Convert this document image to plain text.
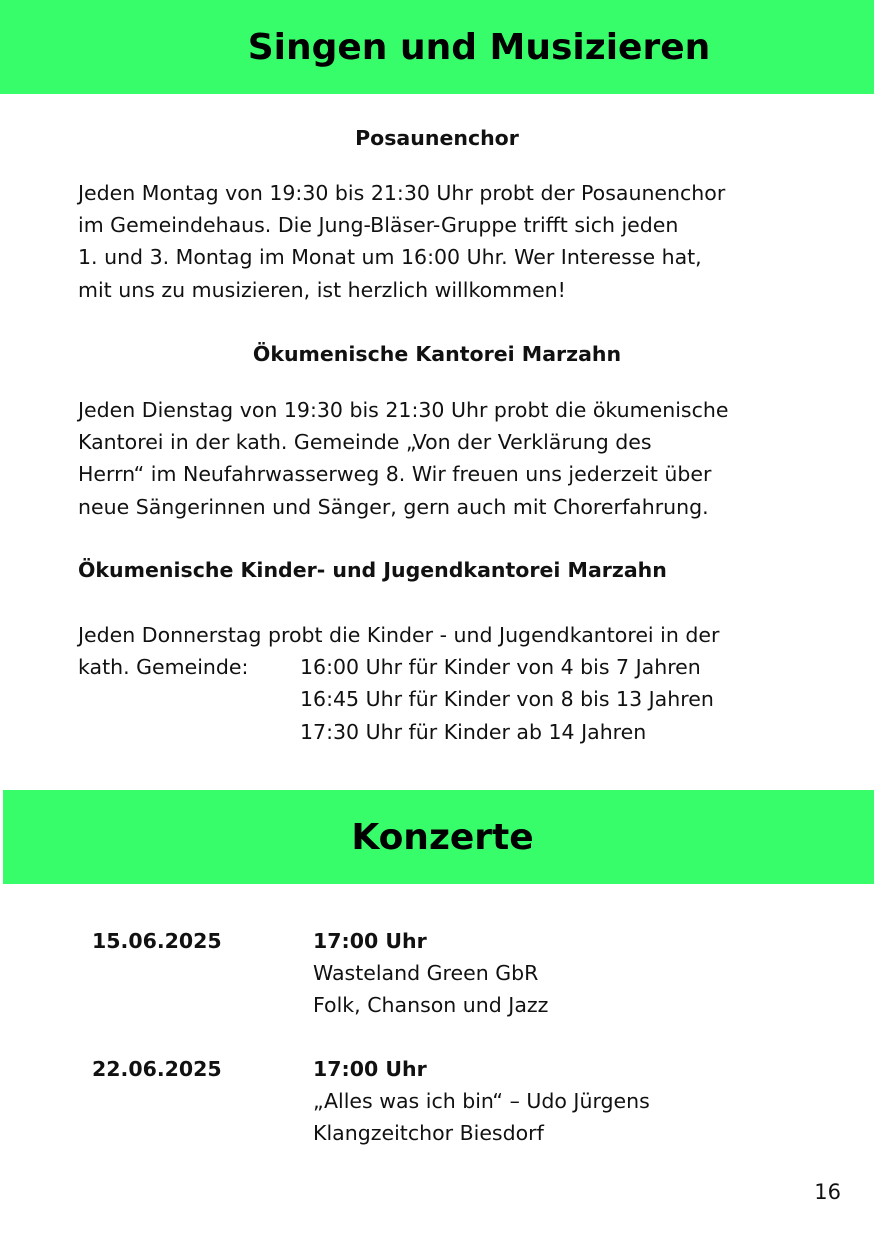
Singen und Musizieren
Posaunenchor

Jeden Montag von 19:30 bis 21:30 Uhr probt der Posaunenchor
im Gemeindehaus. Die Jung-Bläser-Gruppe trifft sich jeden
1. und 3. Montag im Monat um 16:00 Uhr. Wer Interesse hat,
mit uns zu musizieren, ist herzlich willkommen!

Ökumenische Kantorei Marzahn

Jeden Dienstag von 19:30 bis 21:30 Uhr probt die ökumenische
Kantorei in der kath. Gemeinde „Von der Verklärung des
Herrn“ im Neufahrwasserweg 8. Wir freuen uns jederzeit über
neue Sängerinnen und Sänger, gern auch mit Chorerfahrung.

Ökumenische Kinder- und Jugendkantorei Marzahn
Jeden Donnerstag probt die Kinder - und Jugendkantorei in der
kath. Gemeinde:	16:00 Uhr für Kinder von 4 bis 7 Jahren
16:45 Uhr für Kinder von 8 bis 13 Jahren
17:30 Uhr für Kinder ab 14 Jahren
Konzerte
15.06.2025	17:00 Uhr
Wasteland Green GbR
Folk, Chanson und Jazz
22.06.2025	17:00 Uhr
„Alles was ich bin“ – Udo Jürgens
Klangzeitchor Biesdorf
16
